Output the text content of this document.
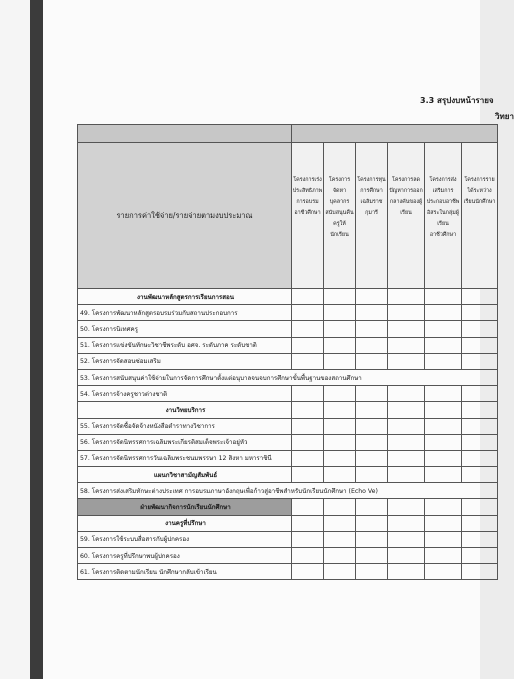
3.3 สรุปงบหน้ารายจ
วิทยา

รายการค่าใช้จ่าย/รายจ่ายตามงบประมาณ	โครงการเร่งประสิทธิภาพการอบรมอาชีวศึกษา	โครงการจัดหาบุคลากรสนับสนุนคืนครูให้นักเรียน	โครงการทุนการศึกษาเฉลิมราชกุมารี	โครงการลดปัญหาการออกกลางคันของผู้เรียน	โครงการส่งเสริมการประกอบอาชีพอิสระในกลุ่มผู้เรียนอาชีวศึกษา	โครงการรายได้ระหว่างเรียนนักศึกษา
งานพัฒนาหลักสูตรการเรียนการสอน						
49. โครงการพัฒนาหลักสูตรอบรมร่วมกับสถานประกอบการ						
50. โครงการนิเทศครู						
51. โครงการแข่งขันทักษะวิชาชีพระดับ อศจ. ระดับภาค ระดับชาติ						
52. โครงการจัดสอนซ่อมเสริม						
53. โครงการสนับสนุนค่าใช้จ่ายในการจัดการศึกษาตั้งแต่อนุบาลจนจบการศึกษาขั้นพื้นฐานของสถานศึกษา						
54. โครงการจ้างครูชาวต่างชาติ						
งานวิทยบริการ						
55. โครงการจัดซื้อจัดจ้างหนังสือตำราทางวิชาการ						
56. โครงการจัดนิทรรศการเฉลิมพระเกียรติสมเด็จพระเจ้าอยู่หัว						
57. โครงการจัดนิทรรศการวันเฉลิมพระชนมพรรษา 12 สิงหา มหาราชินี						
แผนกวิชาสามัญสัมพันธ์						
58. โครงการส่งเสริมทักษะต่างประเทศ การอบรมภาษาอังกฤษเพื่อก้าวสู่อาชีพสำหรับนักเรียนนักศึกษา (Echo Ve)						
ฝ่ายพัฒนากิจการนักเรียนนักศึกษา						
งานครูที่ปรึกษา						
59. โครงการใช้ระบบสื่อสารกับผู้ปกครอง						
60. โครงการครูที่ปรึกษาพบผู้ปกครอง						
61. โครงการติดตามนักเรียน นักศึกษากลับเข้าเรียน						
